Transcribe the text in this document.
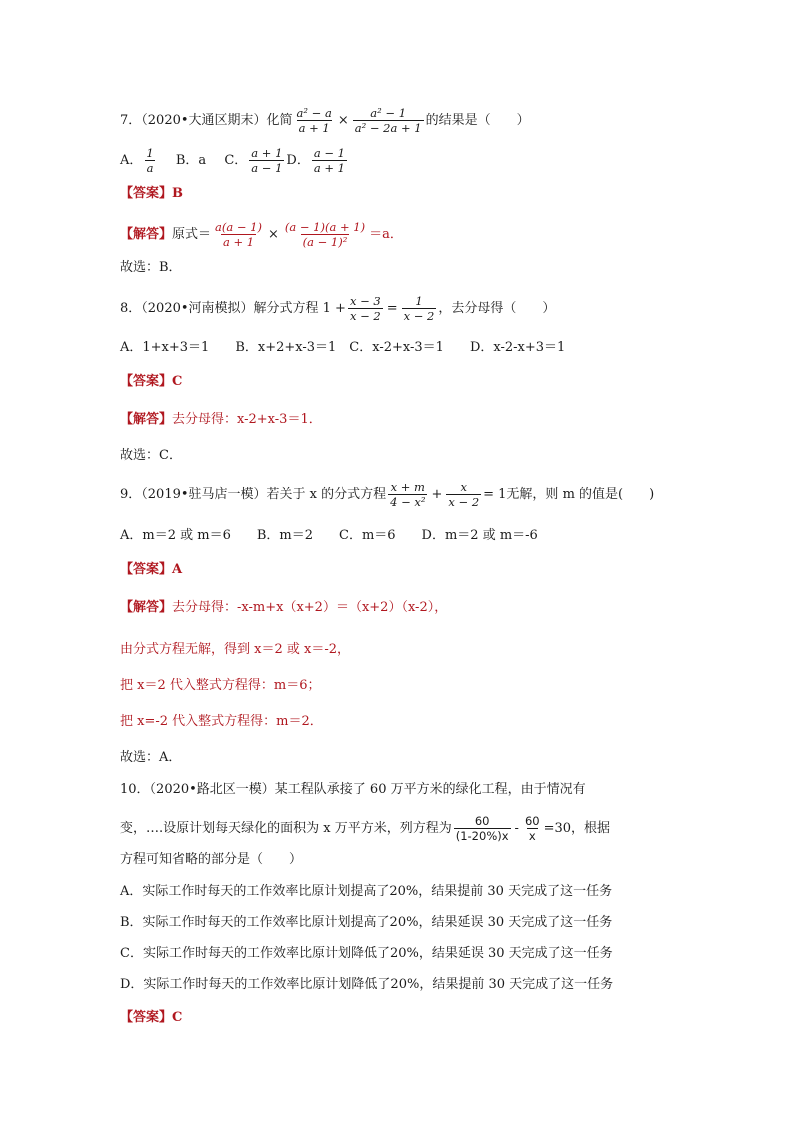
7．（2020•大通区期末）化简 $\frac{\text{a² − a}}{a + 1} \times \frac{\text{a² − 1}}{\text{a² − 2a + 1}}$ 的结果是（　　）
A． $\frac{1}{a}$ B．a C． $\frac{a + 1}{a - 1}$ D． $\frac{a - 1}{a + 1}$
【答案】B
【解答】原式＝ $\frac{a(a - 1)}{a + 1} \times \frac{(a - 1)(a + 1)}{\text{(a − 1)²}} =a$．
故选：B．
8．（2020•河南模拟）解分式方程 $1 + \frac{x - 3}{x - 2} = \frac{1}{x - 2}$ ，去分母得（　　）
A．1+x+3＝1　　B．x+2+x-3＝1　C．x-2+x-3＝1　　D．x-2-x+3＝1
【答案】C
【解答】去分母得：x-2+x-3＝1．
故选：C．
9．（2019•驻马店一模）若关于 x 的分式方程 $\frac{x + m}{\text{4 − x²}} + \frac{x}{x - 2} = 1$无解，则 m 的值是(　　)
A．m＝2 或 m＝6　　B．m＝2　　C．m＝6　　D．m＝2 或 m＝-6
【答案】A
【解答】去分母得：-x-m+x（x+2）＝（x+2）（x-2），
由分式方程无解，得到 x＝2 或 x＝-2，
把 x＝2 代入整式方程得：m＝6；
把 x=-2 代入整式方程得：m＝2．
故选：A．
10．（2020•路北区一模）某工程队承接了 60 万平方米的绿化工程，由于情况有
变，….设原计划每天绿化的面积为 x 万平方米，列方程为 $\frac{60}{(1-20\%)x} - \frac{60}{x} =30$，根据
方程可知省略的部分是（　　）
A．实际工作时每天的工作效率比原计划提高了20%，结果提前 30 天完成了这一任务
B．实际工作时每天的工作效率比原计划提高了20%，结果延误 30 天完成了这一任务
C．实际工作时每天的工作效率比原计划降低了20%，结果延误 30 天完成了这一任务
D．实际工作时每天的工作效率比原计划降低了20%，结果提前 30 天完成了这一任务
【答案】C
